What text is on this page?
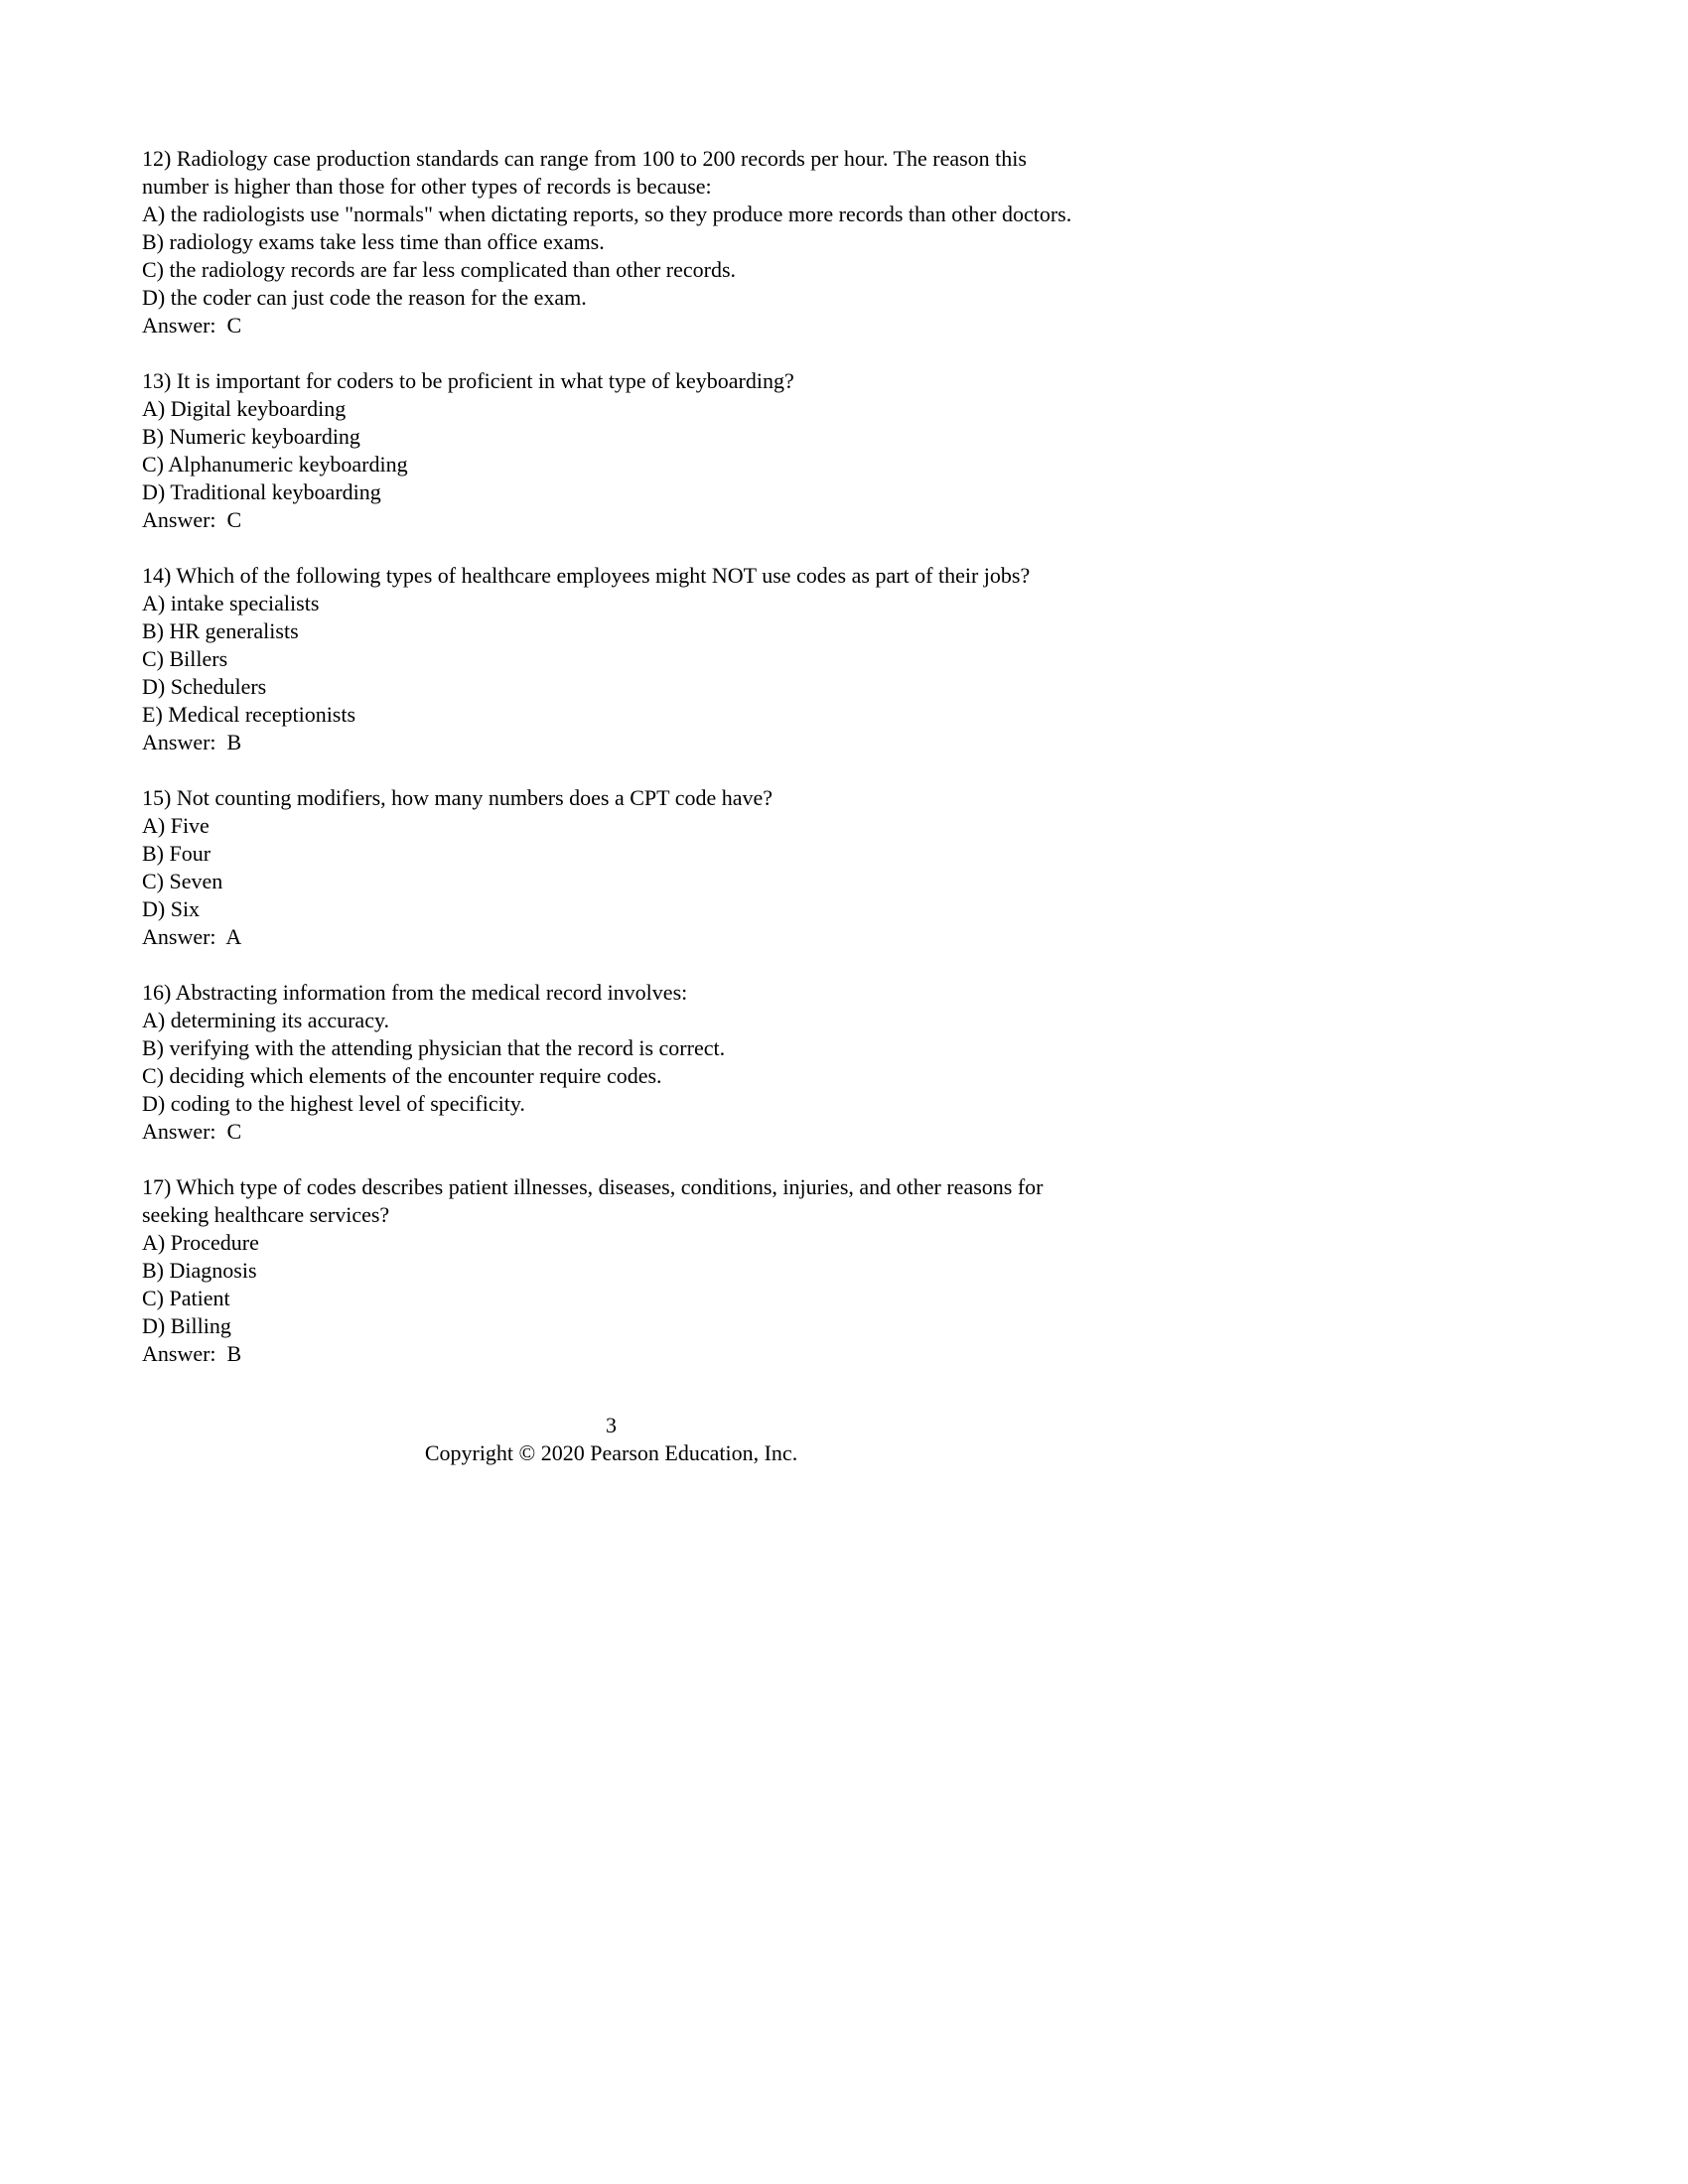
12) Radiology case production standards can range from 100 to 200 records per hour. The reason this number is higher than those for other types of records is because:
A) the radiologists use "normals" when dictating reports, so they produce more records than other doctors.
B) radiology exams take less time than office exams.
C) the radiology records are far less complicated than other records.
D) the coder can just code the reason for the exam.
Answer:  C
13) It is important for coders to be proficient in what type of keyboarding?
A) Digital keyboarding
B) Numeric keyboarding
C) Alphanumeric keyboarding
D) Traditional keyboarding
Answer:  C
14) Which of the following types of healthcare employees might NOT use codes as part of their jobs?
A) intake specialists
B) HR generalists
C) Billers
D) Schedulers
E) Medical receptionists
Answer:  B
15) Not counting modifiers, how many numbers does a CPT code have?
A) Five
B) Four
C) Seven
D) Six
Answer:  A
16) Abstracting information from the medical record involves:
A) determining its accuracy.
B) verifying with the attending physician that the record is correct.
C) deciding which elements of the encounter require codes.
D) coding to the highest level of specificity.
Answer:  C
17) Which type of codes describes patient illnesses, diseases, conditions, injuries, and other reasons for seeking healthcare services?
A) Procedure
B) Diagnosis
C) Patient
D) Billing
Answer:  B
3
Copyright © 2020 Pearson Education, Inc.
